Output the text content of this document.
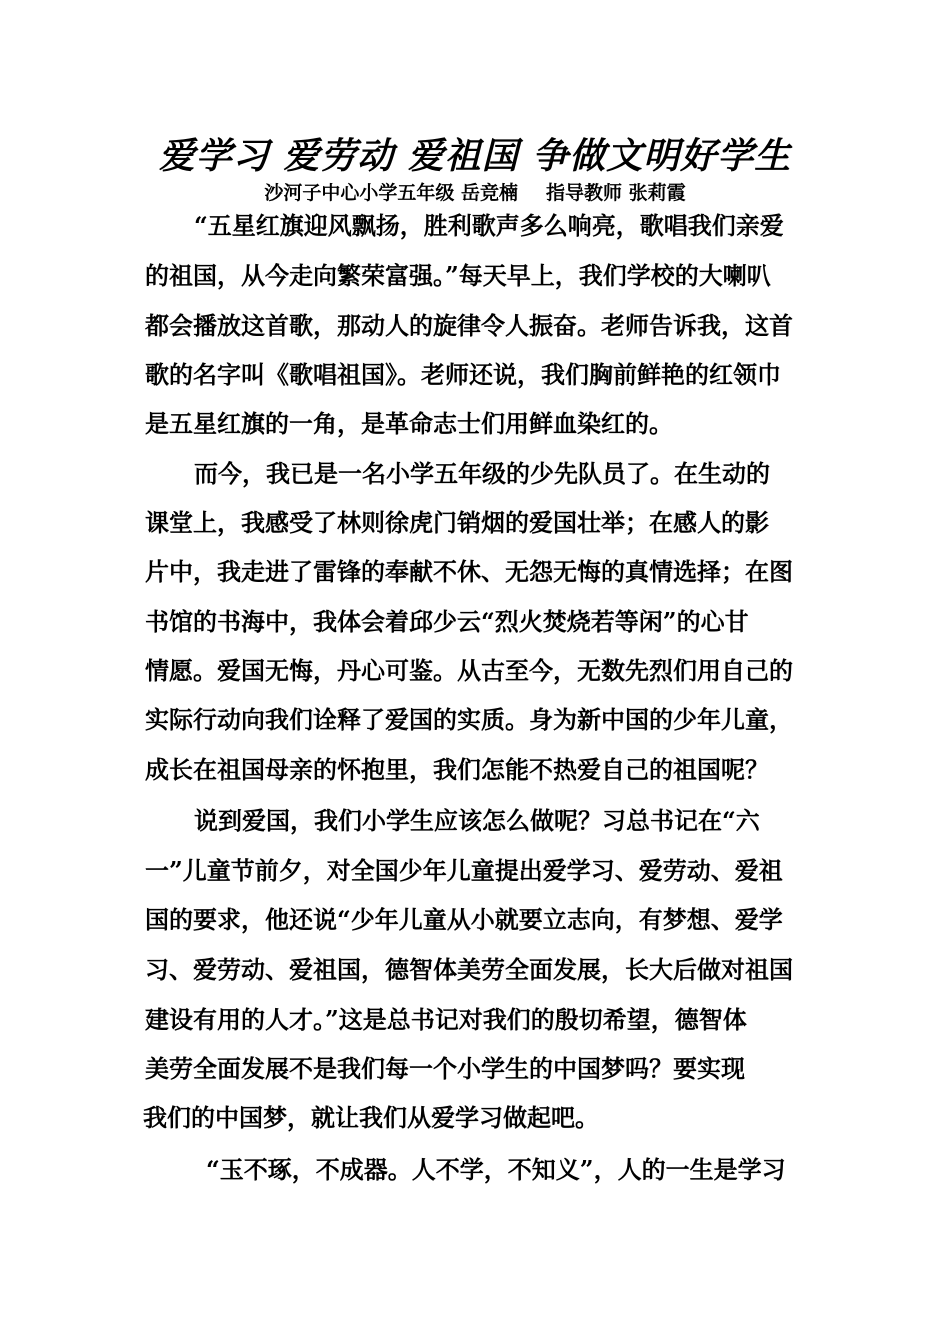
爱学习 爱劳动 爱祖国 争做文明好学生
沙河子中心小学五年级 岳竞楠 指导教师 张莉霞
“五星红旗迎风飘扬，胜利歌声多么响亮，歌唱我们亲爱
的祖国，从今走向繁荣富强。”每天早上，我们学校的大喇叭
都会播放这首歌，那动人的旋律令人振奋。老师告诉我，这首
歌的名字叫《歌唱祖国》。老师还说，我们胸前鲜艳的红领巾
是五星红旗的一角，是革命志士们用鲜血染红的。
而今，我已是一名小学五年级的少先队员了。在生动的
课堂上，我感受了林则徐虎门销烟的爱国壮举；在感人的影
片中，我走进了雷锋的奉献不休、无怨无悔的真情选择；在图
书馆的书海中，我体会着邱少云“烈火焚烧若等闲”的心甘
情愿。爱国无悔，丹心可鉴。从古至今，无数先烈们用自己的
实际行动向我们诠释了爱国的实质。身为新中国的少年儿童，
成长在祖国母亲的怀抱里，我们怎能不热爱自己的祖国呢？
说到爱国，我们小学生应该怎么做呢？习总书记在“六
一”儿童节前夕，对全国少年儿童提出爱学习、爱劳动、爱祖
国的要求，他还说“少年儿童从小就要立志向，有梦想、爱学
习、爱劳动、爱祖国，德智体美劳全面发展，长大后做对祖国
建设有用的人才。”这是总书记对我们的殷切希望，德智体
美劳全面发展不是我们每一个小学生的中国梦吗？要实现
我们的中国梦，就让我们从爱学习做起吧。
“玉不琢，不成器。人不学，不知义”，人的一生是学习
